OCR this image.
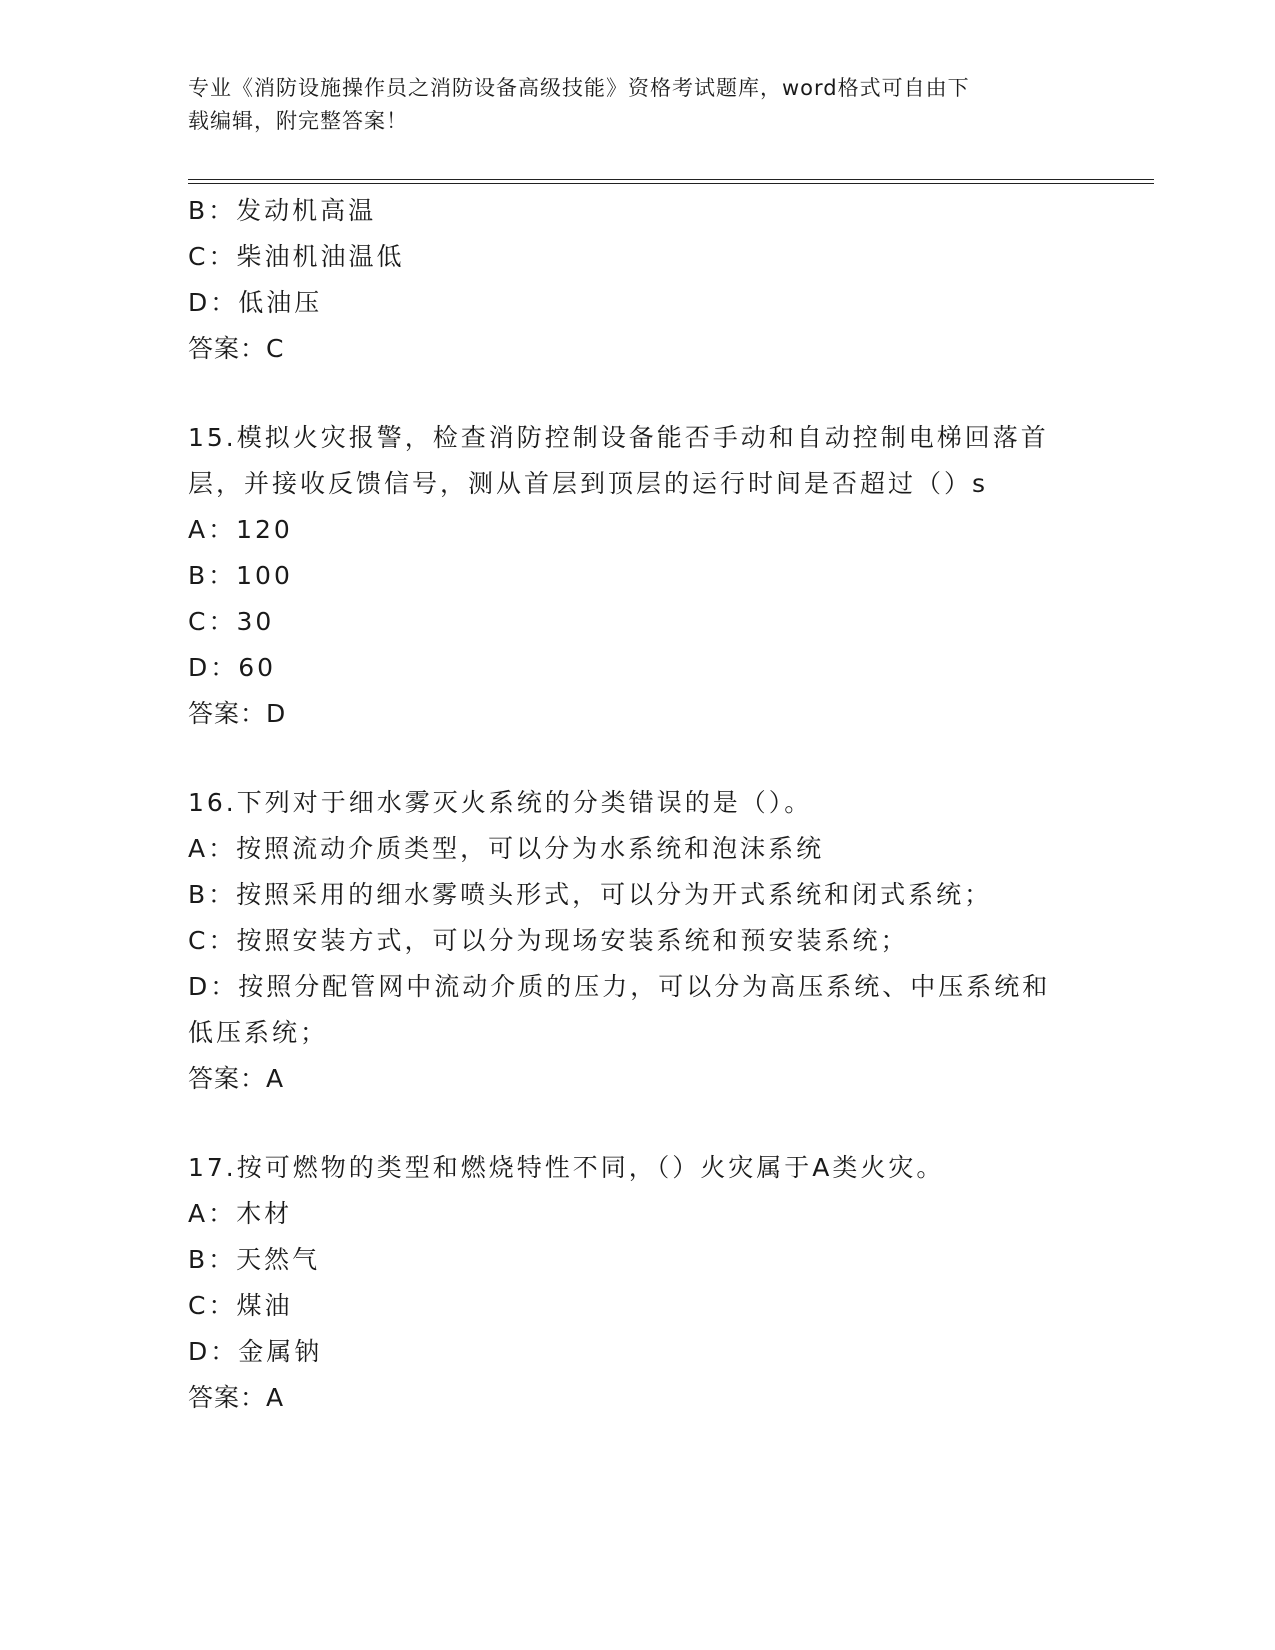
专业《消防设施操作员之消防设备高级技能》资格考试题库，word格式可自由下
载编辑，附完整答案！
B：发动机高温
C：柴油机油温低
D：低油压
答案：C
15.模拟火灾报警，检查消防控制设备能否手动和自动控制电梯回落首
层，并接收反馈信号，测从首层到顶层的运行时间是否超过（）s
A：120
B：100
C：30
D：60
答案：D
16.下列对于细水雾灭火系统的分类错误的是（）。
A：按照流动介质类型，可以分为水系统和泡沫系统
B：按照采用的细水雾喷头形式，可以分为开式系统和闭式系统；
C：按照安装方式，可以分为现场安装系统和预安装系统；
D：按照分配管网中流动介质的压力，可以分为高压系统、中压系统和
低压系统；
答案：A
17.按可燃物的类型和燃烧特性不同，（）火灾属于A类火灾。
A：木材
B：天然气
C：煤油
D：金属钠
答案：A
